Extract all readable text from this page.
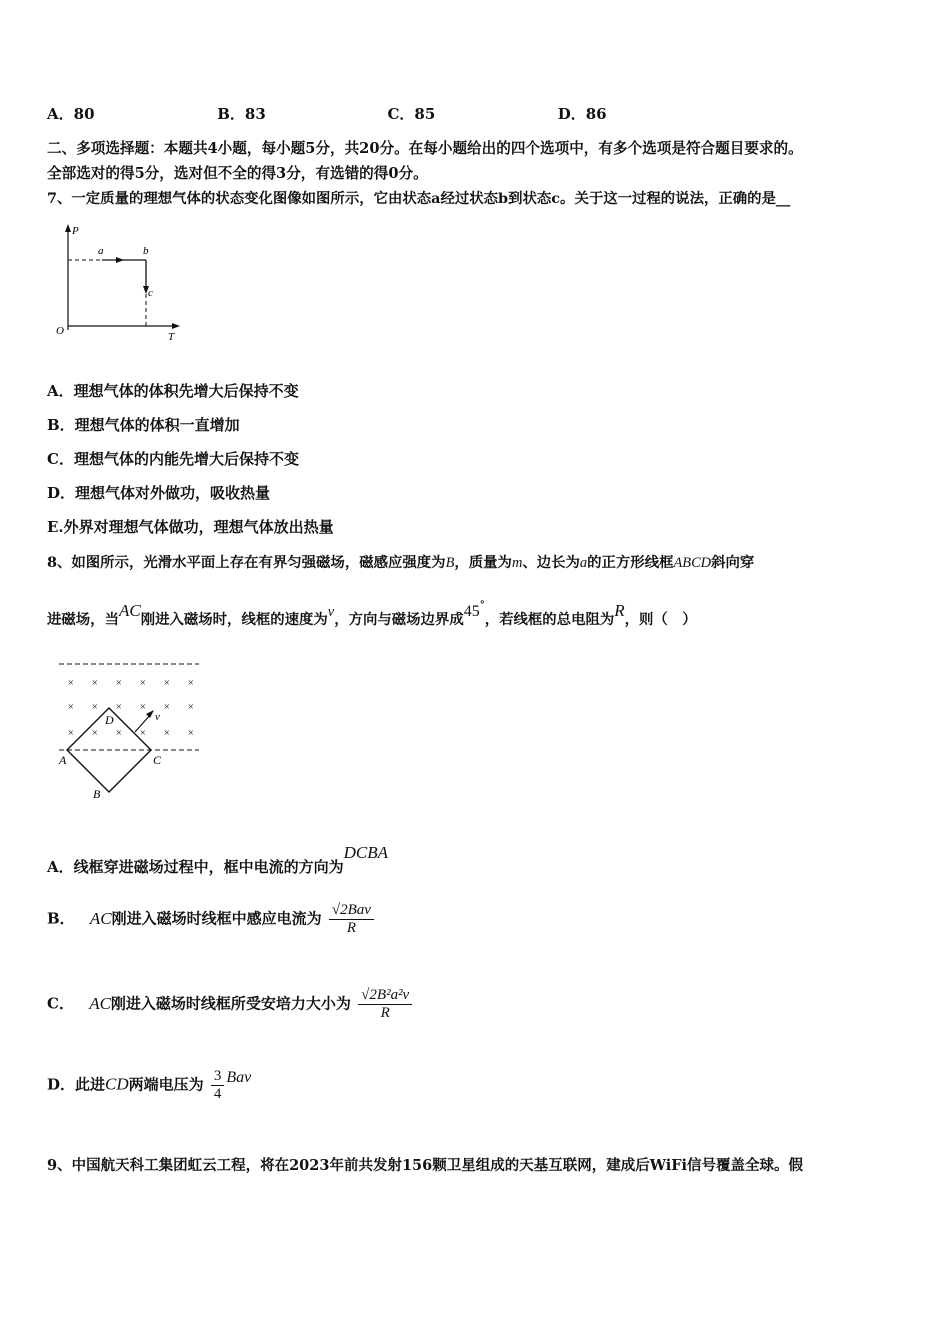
A．80	B．83	C．85	D．86
二、多项选择题：本题共4小题，每小题5分，共20分。在每小题给出的四个选项中，有多个选项是符合题目要求的。
全部选对的得5分，选对但不全的得3分，有选错的得0分。
7、一定质量的理想气体的状态变化图像如图所示，它由状态a经过状态b到状态c。关于这一过程的说法，正确的是__
P
T
O
a	b
c
A．理想气体的体积先增大后保持不变
B．理想气体的体积一直增加
C．理想气体的内能先增大后保持不变
D．理想气体对外做功，吸收热量
E.外界对理想气体做功，理想气体放出热量
8、如图所示，光滑水平面上存在有界匀强磁场，磁感应强度为B，质量为m、边长为a的正方形线框ABCD斜向穿
进磁场，当AC刚进入磁场时，线框的速度为v，方向与磁场边界成45°，若线框的总电阻为R，则（　）
× × × × × ×
× × × × × ×
× × × × × ×
A	C
D
B
v
A．线框穿进磁场过程中，框中电流的方向为DCBA
B． AC刚进入磁场时线框中感应电流为 $\frac{\text{√2Bav}}{R}$
C． AC刚进入磁场时线框所受安培力大小为 $\frac{\text{√2B²a²v}}{R}$
D．此进CD两端电压为 $\frac{3}{4}$ Bav
9、中国航天科工集团虹云工程，将在2023年前共发射156颗卫星组成的天基互联网，建成后WiFi信号覆盖全球。假
